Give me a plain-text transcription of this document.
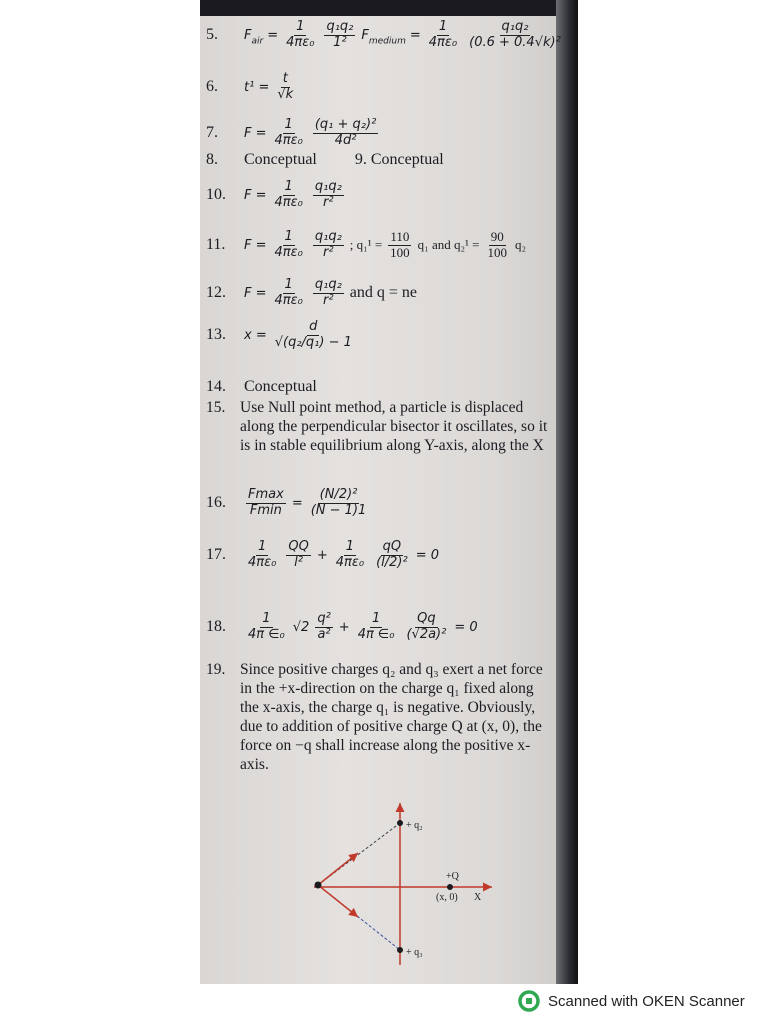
5. $F_{air} = \frac{1}{\text{4πε₀}}$
$\frac{\text{q₁q₂}}{\text{1²}} F_{medium} = \frac{1}{\text{4πε₀}}$
$\frac{\text{q₁q₂}}{\text{(0.6 + 0.4√k)²}}$
6. $t^1 = \frac{t}{√k}$
7. $F = \frac{1}{\text{4πε₀}}$
$\frac{\text{(q₁ + q₂)²}}{\text{4d²}}$
8. Conceptual 9. Conceptual
10. $F = \frac{1}{\text{4πε₀}}$
$\frac{\text{q₁q₂}}{\text{r²}}$
11. $F = \frac{1}{\text{4πε₀}}$
$\frac{\text{q₁q₂}}{\text{r²}}$ ; $q_1^1 = \frac{110}{100} q_1$ and $q_2^1 = \frac{90}{100} q_2$
12. $F = \frac{1}{\text{4πε₀}}$
$\frac{\text{q₁q₂}}{\text{r²}}$ and q = ne
13. $x = \frac{d}{\text{√(q₂/q₁) − 1}}$
14. Conceptual
15. Use Null point method, a particle is displaced along the perpendicular bisector it oscillates, so it is in stable equilibrium along Y-axis, along the X
16. $\frac{Fmax}{Fmin} = \frac{\text{(N/2)²}}{(N - 1)1}$
17. $\frac{1}{\text{4πε₀}}$
$\frac{QQ}{\text{l²}} + \frac{1}{\text{4πε₀}}$
$\frac{qQ}{\text{(l/2)²}} = 0$
18. $\frac{1}{\text{4π ∈₀}} √2 \frac{\text{q²}}{\text{a²}} + \frac{1}{\text{4π ∈₀}}$
$\frac{Qq}{\text{(√2a)²}} = 0$
19. Since positive charges q₂ and q₃ exert a net force in the +x-direction on the charge q₁ fixed along the x-axis, the charge q₁ is negative. Obviously, due to addition of positive charge Q at (x, 0), the force on −q shall increase along the positive x-axis.
+ q₂
+ q₃
+Q
(x, 0) X
Scanned with OKEN Scanner
